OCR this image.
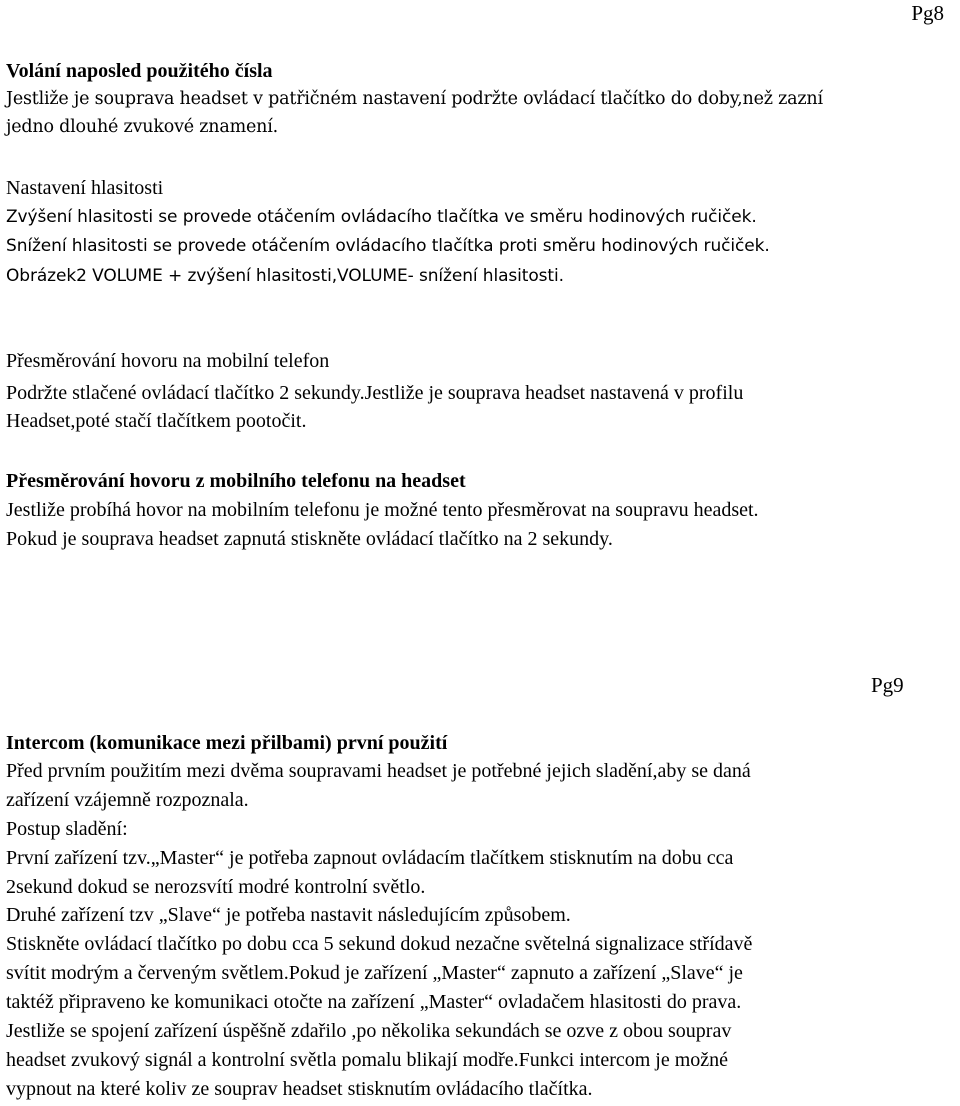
Pg8
Volání naposled použitého čísla
Jestliže je souprava headset v patřičném nastavení podržte ovládací tlačítko do doby,než zazní
jedno dlouhé zvukové znamení.
Nastavení hlasitosti
Zvýšení hlasitosti se provede otáčením ovládacího tlačítka ve směru hodinových ručiček.
Snížení hlasitosti se provede otáčením ovládacího tlačítka proti směru hodinových ručiček.
Obrázek2 VOLUME + zvýšení hlasitosti,VOLUME- snížení hlasitosti.
Přesměrování hovoru na mobilní telefon
Podržte stlačené ovládací tlačítko 2 sekundy.Jestliže je souprava headset nastavená v profilu
Headset,poté stačí tlačítkem pootočit.
Přesměrování hovoru z mobilního telefonu na headset
Jestliže probíhá hovor na mobilním telefonu je možné tento přesměrovat na soupravu headset.
Pokud je souprava headset zapnutá stiskněte ovládací tlačítko na 2 sekundy.
Pg9
Intercom (komunikace mezi přilbami) první použití
Před prvním použitím mezi dvěma soupravami headset je potřebné jejich sladění,aby se daná
zařízení vzájemně rozpoznala.
Postup sladění:
První zařízení tzv.„Master“ je potřeba zapnout ovládacím tlačítkem stisknutím na dobu cca
2sekund dokud se nerozsvítí modré kontrolní světlo.
Druhé zařízení tzv „Slave“ je potřeba nastavit následujícím způsobem.
Stiskněte ovládací tlačítko po dobu cca 5 sekund dokud nezačne světelná signalizace střídavě
svítit modrým a červeným světlem.Pokud je zařízení „Master“ zapnuto a zařízení „Slave“ je
taktéž připraveno ke komunikaci otočte na zařízení „Master“ ovladačem hlasitosti do prava.
Jestliže se spojení zařízení úspěšně zdařilo ,po několika sekundách se ozve z obou souprav
headset zvukový signál a kontrolní světla pomalu blikají modře.Funkci intercom je možné
vypnout na které koliv ze souprav headset stisknutím ovládacího tlačítka.
